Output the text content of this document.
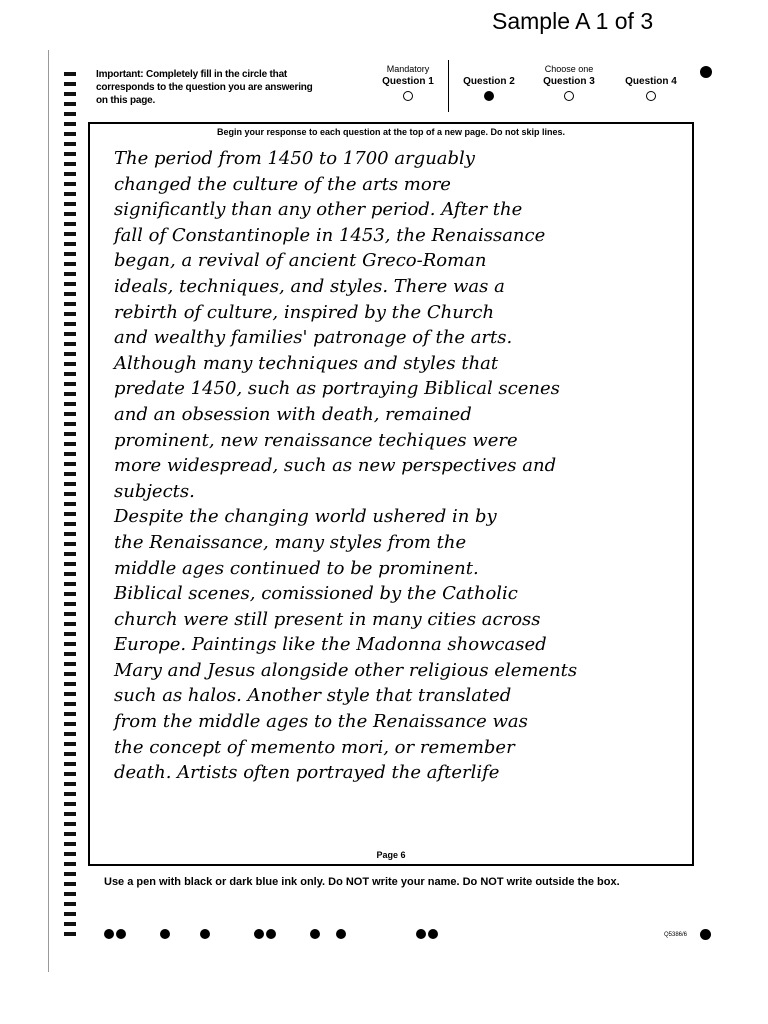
Sample A 1 of 3
Important: Completely fill in the circle that corresponds to the question you are answering on this page.
Mandatory
Question 1	Question 2
Choose one
Question 3	Question 4
Begin your response to each question at the top of a new page. Do not skip lines.
The period from 1450 to 1700 arguably
changed the culture of the arts more
significantly than any other period. After the
fall of Constantinople in 1453, the Renaissance
began, a revival of ancient Greco-Roman
ideals, techniques, and styles. There was a
rebirth of culture, inspired by the Church
and wealthy families' patronage of the arts.
Although many techniques and styles that
predate 1450, such as portraying Biblical scenes
and an obsession with death, remained
prominent, new renaissance techiques were
more widespread, such as new perspectives and
subjects.
Despite the changing world ushered in by
the Renaissance, many styles from the
middle ages continued to be prominent.
Biblical scenes, comissioned by the Catholic
church were still present in many cities across
Europe. Paintings like the Madonna showcased
Mary and Jesus alongside other religious elements
such as halos. Another style that translated
from the middle ages to the Renaissance was
the concept of memento mori, or remember
death. Artists often portrayed the afterlife
Page 6
Use a pen with black or dark blue ink only. Do NOT write your name. Do NOT write outside the box.
Q5386/6
